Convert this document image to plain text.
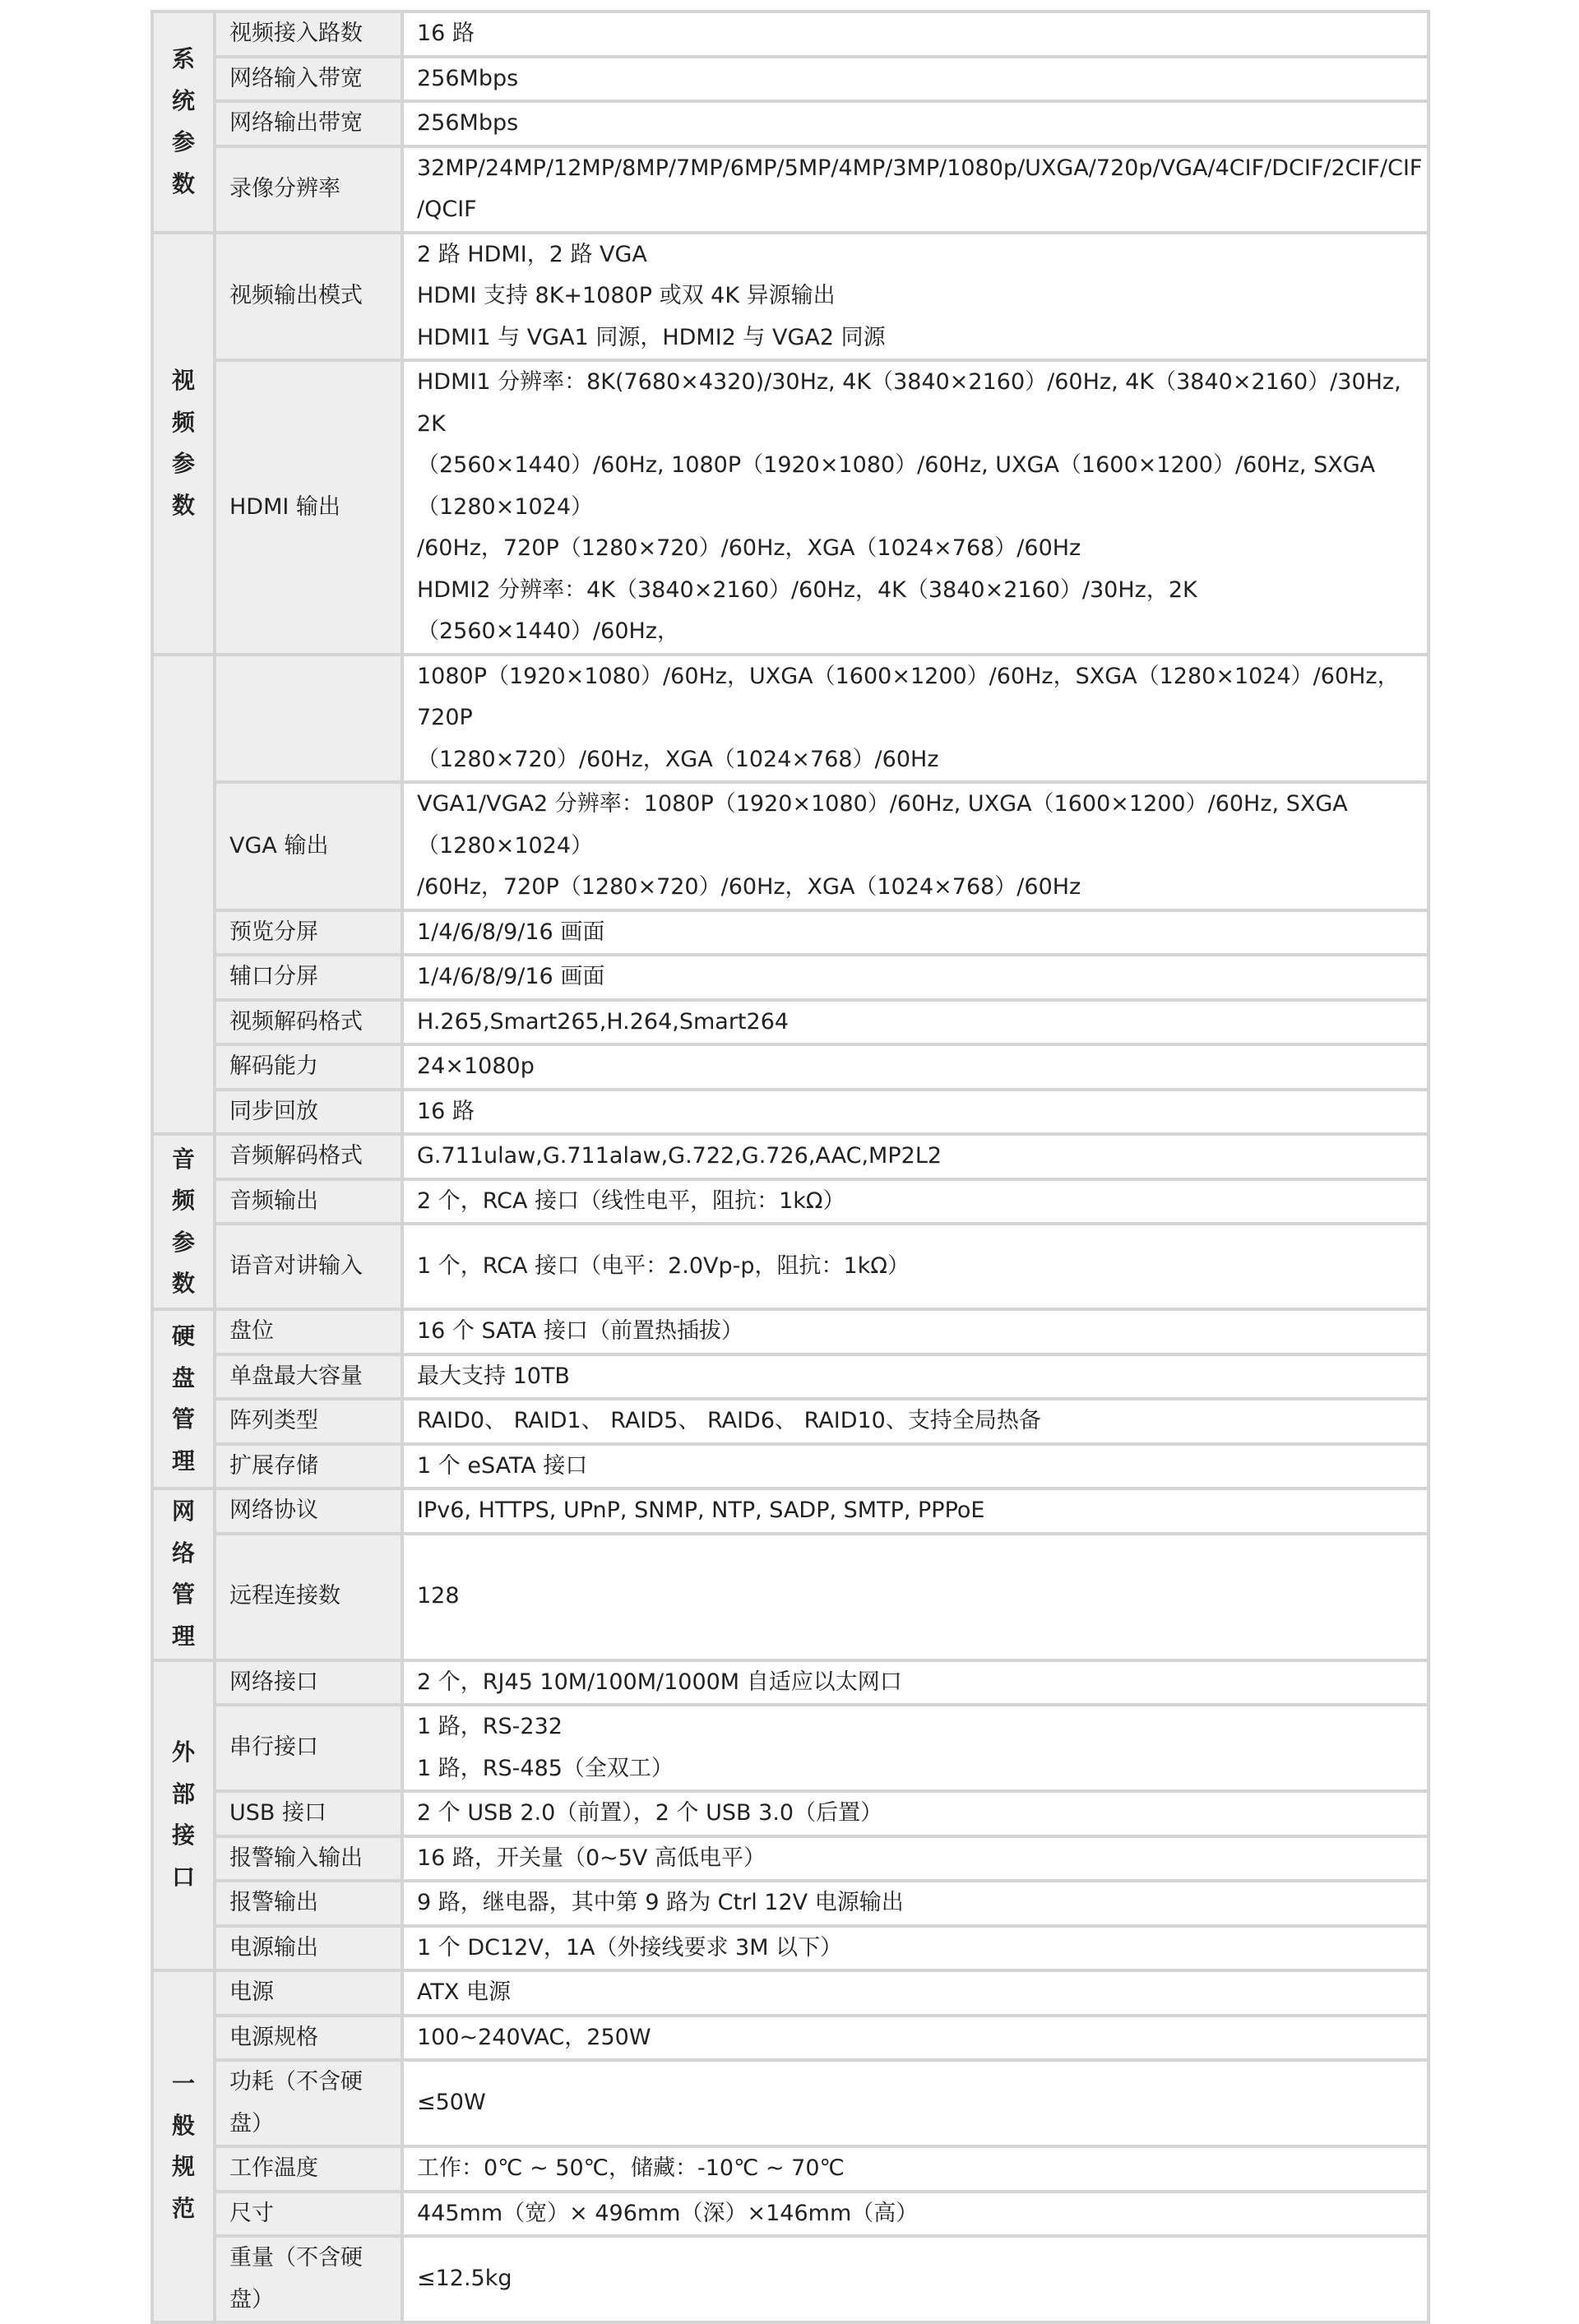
系
统
参
数	视频接入路数	16 路

	网络输入带宽	256Mbps

	网络输出带宽	256Mbps

	录像分辨率	32MP/24MP/12MP/8MP/7MP/6MP/5MP/4MP/3MP/1080p/UXGA/720p/VGA/4CIF/DCIF/2CIF/CIF
/QCIF

视
频
参
数	视频输出模式	2 路 HDMI，2 路 VGA
HDMI 支持 8K+1080P 或双 4K 异源输出
HDMI1 与 VGA1 同源，HDMI2 与 VGA2 同源

	HDMI 输出	HDMI1 分辨率：8K(7680×4320)/30Hz, 4K（3840×2160）/60Hz, 4K（3840×2160）/30Hz, 2K
（2560×1440）/60Hz, 1080P（1920×1080）/60Hz, UXGA（1600×1200）/60Hz, SXGA（1280×1024）
/60Hz，720P（1280×720）/60Hz，XGA（1024×768）/60Hz
HDMI2 分辨率：4K（3840×2160）/60Hz，4K（3840×2160）/30Hz，2K（2560×1440）/60Hz，

		1080P（1920×1080）/60Hz，UXGA（1600×1200）/60Hz，SXGA（1280×1024）/60Hz，720P
（1280×720）/60Hz，XGA（1024×768）/60Hz

	VGA 输出	VGA1/VGA2 分辨率：1080P（1920×1080）/60Hz, UXGA（1600×1200）/60Hz, SXGA（1280×1024）
/60Hz，720P（1280×720）/60Hz，XGA（1024×768）/60Hz

	预览分屏	1/4/6/8/9/16 画面

	辅口分屏	1/4/6/8/9/16 画面

	视频解码格式	H.265,Smart265,H.264,Smart264

	解码能力	24×1080p

	同步回放	16 路

音
频
参
数	音频解码格式	G.711ulaw,G.711alaw,G.722,G.726,AAC,MP2L2

	音频输出	2 个，RCA 接口（线性电平，阻抗：1kΩ）

	语音对讲输入	1 个，RCA 接口（电平：2.0Vp-p，阻抗：1kΩ）

硬
盘
管
理	盘位	16 个 SATA 接口（前置热插拔）

	单盘最大容量	最大支持 10TB

	阵列类型	RAID0、 RAID1、 RAID5、 RAID6、 RAID10、支持全局热备

	扩展存储	1 个 eSATA 接口

网
络
管
理	网络协议	IPv6, HTTPS, UPnP, SNMP, NTP, SADP, SMTP, PPPoE

	远程连接数	128

外
部
接
口	网络接口	2 个，RJ45 10M/100M/1000M 自适应以太网口

	串行接口	1 路，RS-232
1 路，RS-485（全双工）

	USB 接口	2 个 USB 2.0（前置），2 个 USB 3.0（后置）

	报警输入输出	16 路，开关量（0~5V 高低电平）

	报警输出	9 路，继电器，其中第 9 路为 Ctrl 12V 电源输出

	电源输出	1 个 DC12V，1A（外接线要求 3M 以下）

一
般
规
范	电源	ATX 电源

	电源规格	100~240VAC，250W

	功耗（不含硬盘）	≤50W

	工作温度	工作：0℃ ~ 50℃，储藏：-10℃ ~ 70℃

	尺寸	445mm（宽）× 496mm（深）×146mm（高）

	重量（不含硬盘）	≤12.5kg
